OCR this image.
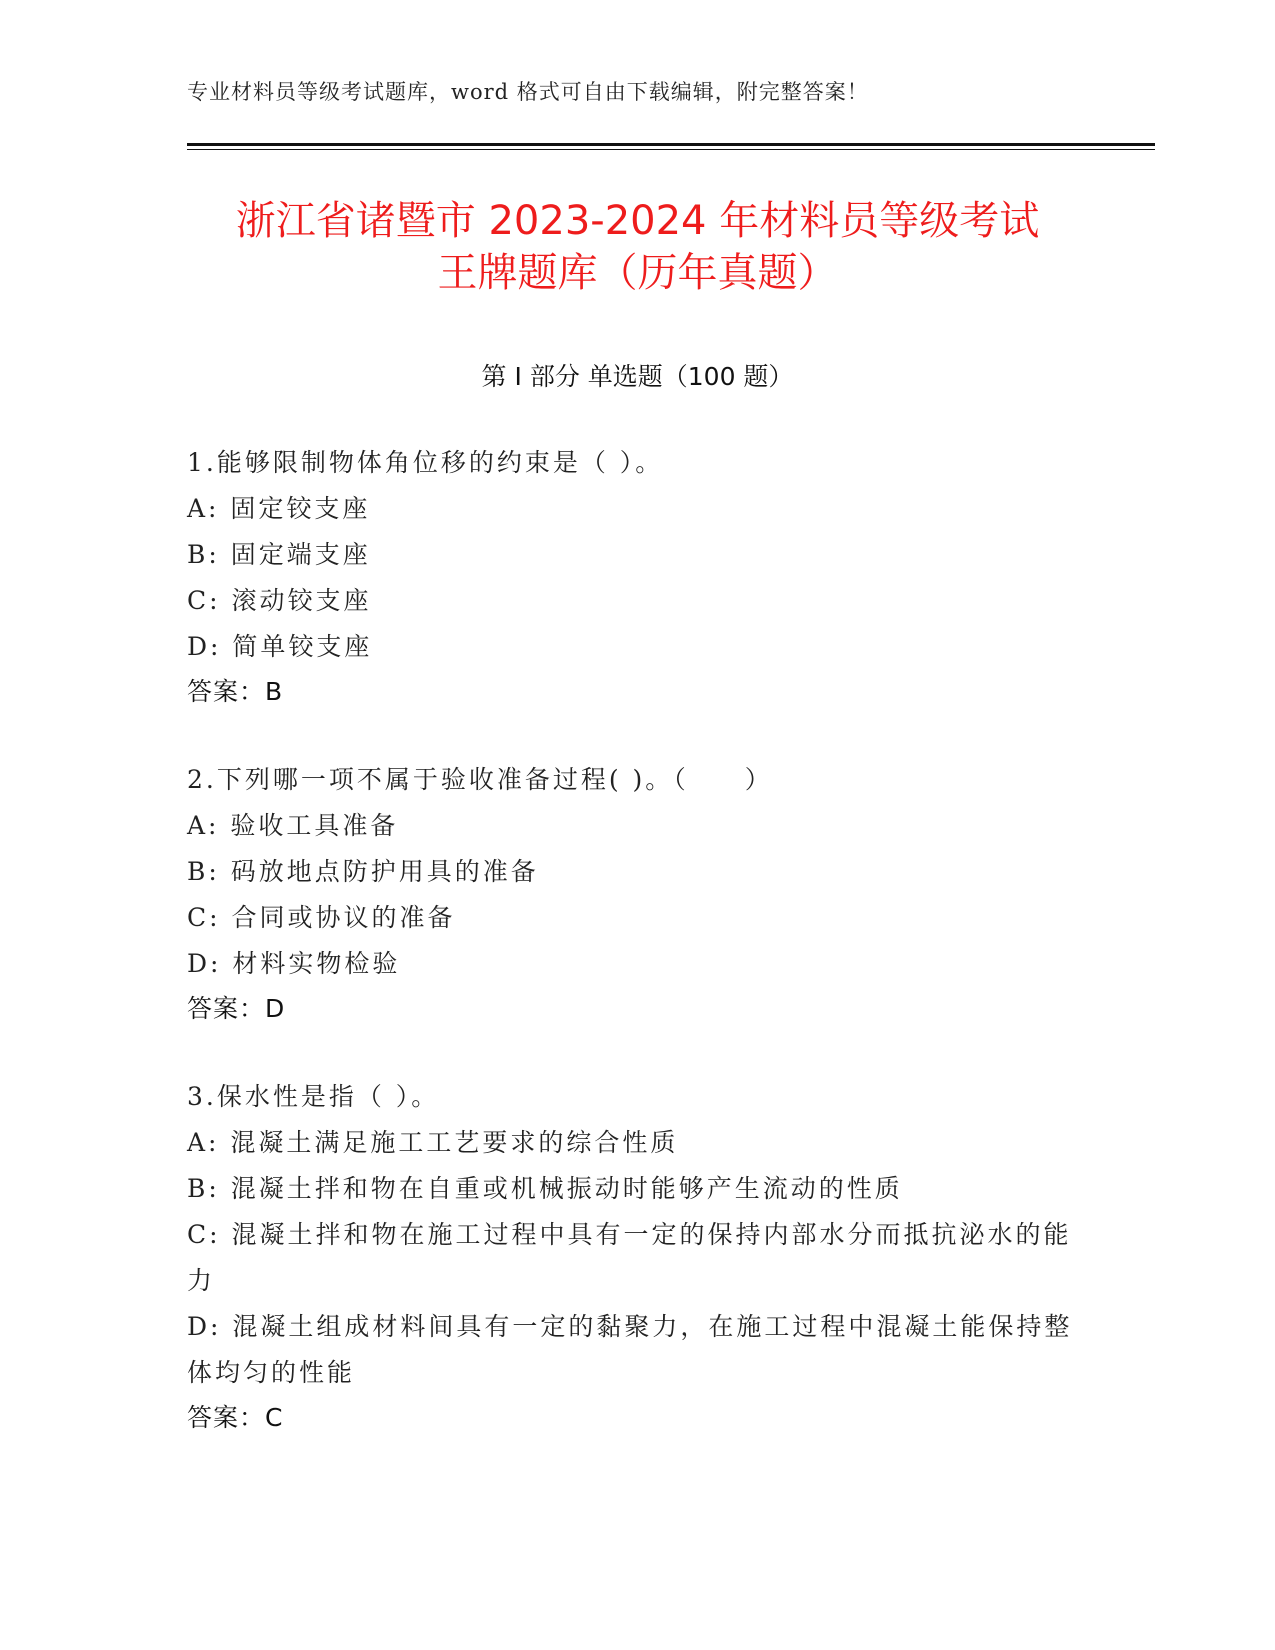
专业材料员等级考试题库，word 格式可自由下载编辑，附完整答案！
浙江省诸暨市 2023-2024 年材料员等级考试
王牌题库（历年真题）
第 I 部分 单选题（100 题）
1.能够限制物体角位移的约束是（ ）。
A: 固定铰支座
B: 固定端支座
C: 滚动铰支座
D: 简单铰支座
答案：B
2.下列哪一项不属于验收准备过程( )。（　　）
A: 验收工具准备
B: 码放地点防护用具的准备
C: 合同或协议的准备
D: 材料实物检验
答案：D
3.保水性是指（ ）。
A: 混凝土满足施工工艺要求的综合性质
B: 混凝土拌和物在自重或机械振动时能够产生流动的性质
C: 混凝土拌和物在施工过程中具有一定的保持内部水分而抵抗泌水的能力
D: 混凝土组成材料间具有一定的黏聚力，在施工过程中混凝土能保持整体均匀的性能
答案：C
